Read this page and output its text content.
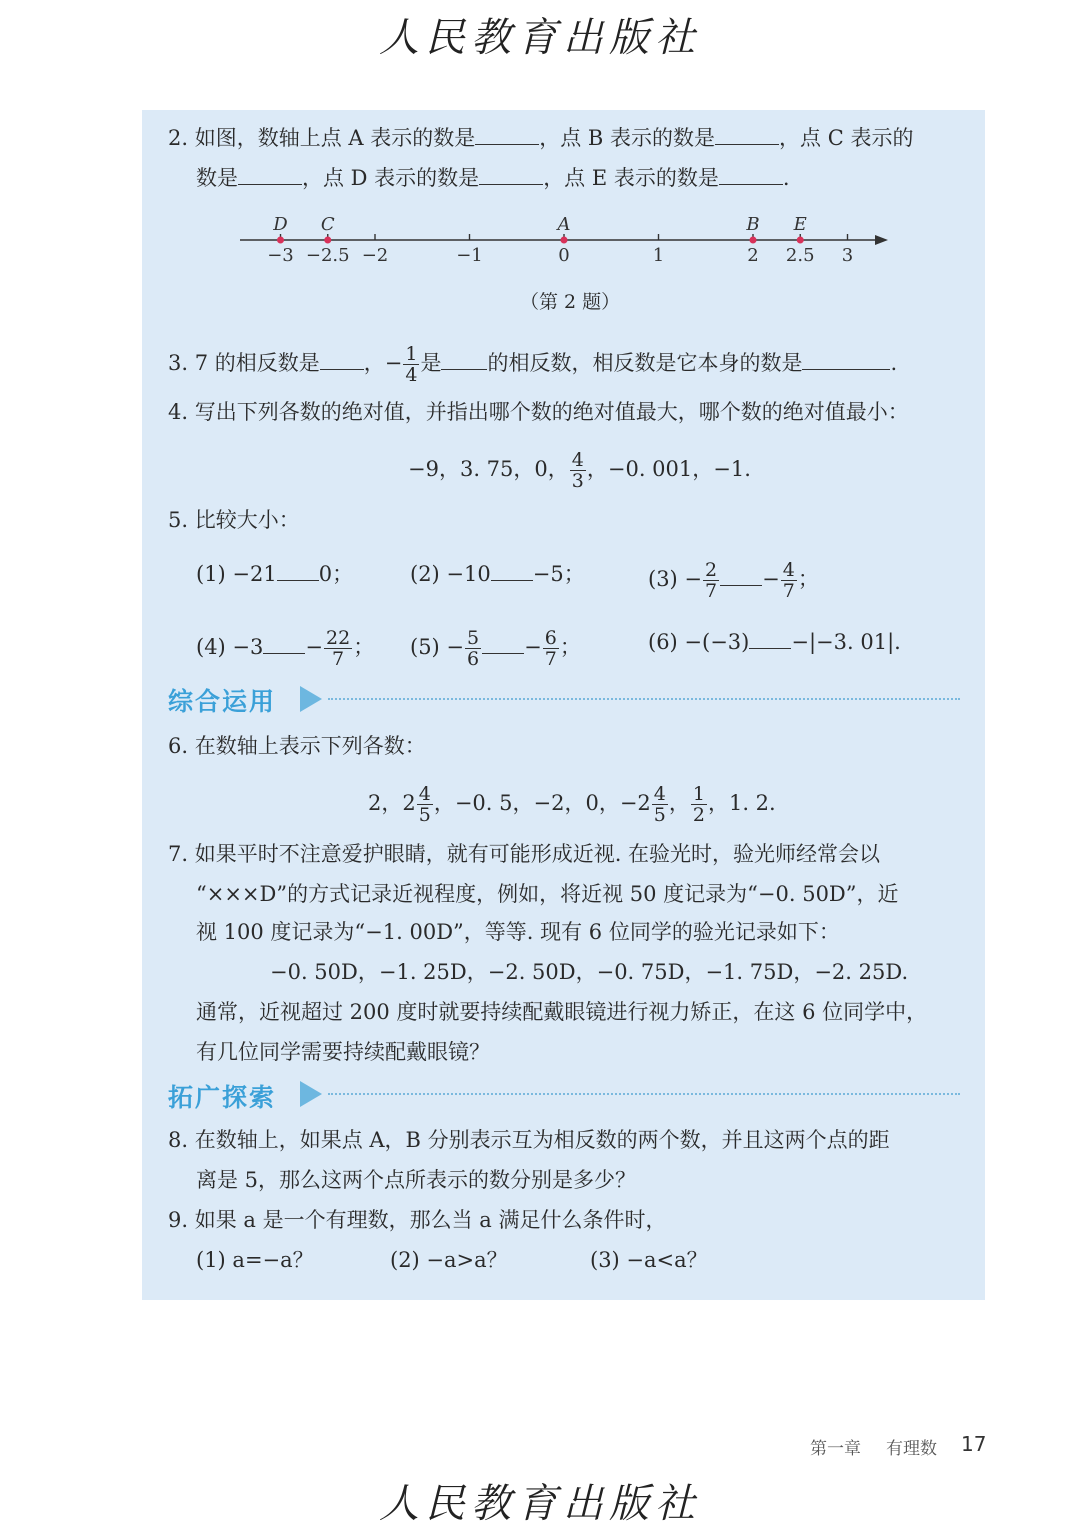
人民教育出版社
2. 如图，数轴上点 A 表示的数是	，点 B 表示的数是	，点 C 表示的
数是	，点 D 表示的数是	，点 E 表示的数是	.
−3 −2.5 −2	−1	0	1	2 2.5 3
D C	A	B E
（第 2 题）
3. 7 的相反数是 ，− $\frac{1}{4}$ 是 的相反数，相反数是它本身的数是	.
4. 写出下列各数的绝对值，并指出哪个数的绝对值最大，哪个数的绝对值最小：
−9，3. 75，0， $\frac{4}{3}$ ，−0. 001，−1.
5. 比较大小：
(1) −21 0；	(2) −10 −5；	$(3) - \frac{2}{7} - \frac{4}{7}$ ；
$(4) -3 - \frac{22}{7}$ ； $(5) - \frac{5}{6} - \frac{6}{7}$ ；	(6) −(−3) −|−3. 01|.
综合运用
6. 在数轴上表示下列各数：
2，$2 \frac{4}{5}$ ，−0. 5，−2，0，$-2 \frac{4}{5}$ ， $\frac{1}{2}$ ，1. 2.
7. 如果平时不注意爱护眼睛，就有可能形成近视. 在验光时，验光师经常会以
“×××D”的方式记录近视程度，例如，将近视 50 度记录为“−0. 50D”，近
视 100 度记录为“−1. 00D”，等等. 现有 6 位同学的验光记录如下：
−0. 50D，−1. 25D，−2. 50D，−0. 75D，−1. 75D，−2. 25D.
通常，近视超过 200 度时就要持续配戴眼镜进行视力矫正，在这 6 位同学中，
有几位同学需要持续配戴眼镜？
拓广探索
8. 在数轴上，如果点 A，B 分别表示互为相反数的两个数，并且这两个点的距
离是 5，那么这两个点所表示的数分别是多少？
9. 如果 a 是一个有理数，那么当 a 满足什么条件时，
(1) a=−a？	(2) −a>a？	(3) −a<a？
第一章 有理数 17
人民教育出版社
